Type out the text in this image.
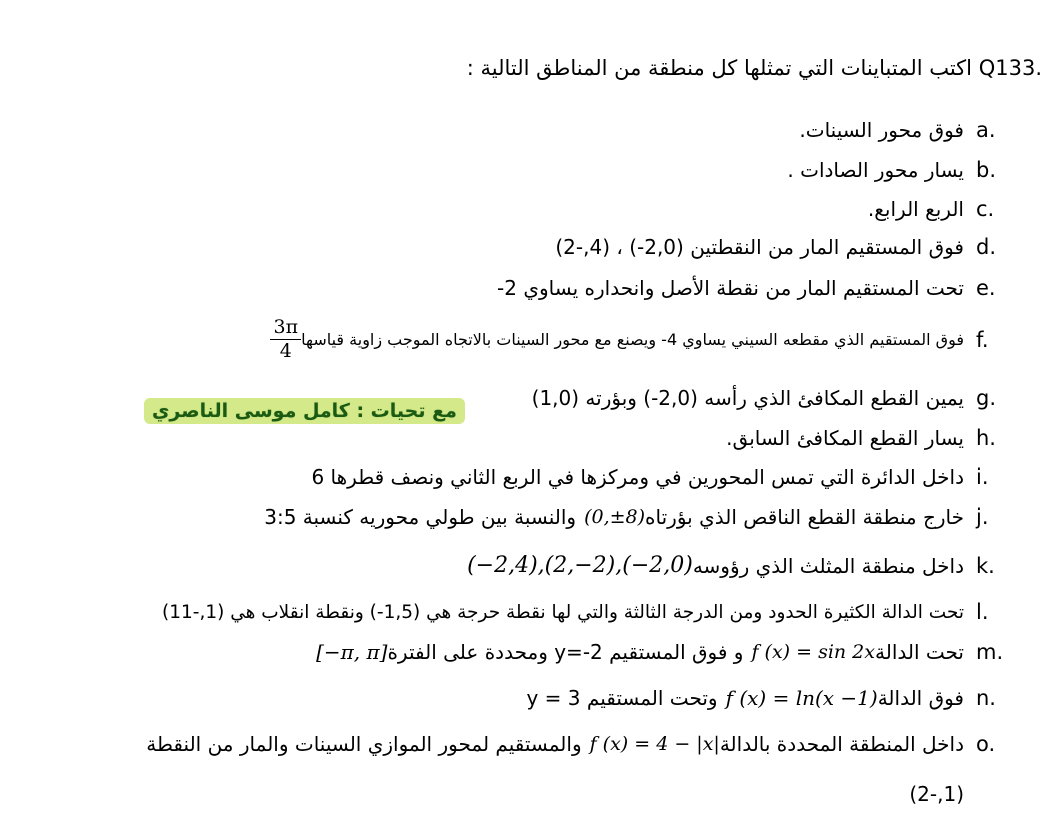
اكتب المتباينات التي تمثلها كل منطقة من المناطق التالية : Q133.
a.
فوق محور السينات.
b.
يسار محور الصادات .
c.
الربع الرابع.
d.
فوق المستقيم المار من النقطتين (2,0-) ، (4,-2)
e.
تحت المستقيم المار من نقطة الأصل وانحداره يساوي 2-
f.
فوق المستقيم الذي مقطعه السيني يساوي 4- ويصنع مع محور السينات بالاتجاه الموجب زاوية قياسها
$\frac{3\pi}{4}$
g.
يمين القطع المكافئ الذي رأسه (2,0-) وبؤرته (1,0)
مع تحيات : كامل موسى الناصري
h.
يسار القطع المكافئ السابق.
i.
داخل الدائرة التي تمس المحورين في ومركزها في الربع الثاني ونصف قطرها 6
j.
خارج منطقة القطع الناقص الذي بؤرتاه
(0,±8)
والنسبة بين طولي محوريه كنسبة 3:5
k.
داخل منطقة المثلث الذي رؤوسه
(−2,4),(2,−2),(−2,0)
l.
تحت الدالة الكثيرة الحدود ومن الدرجة الثالثة والتي لها نقطة حرجة هي (1,5-) ونقطة انقلاب هي (1,-11)
m.
تحت الدالة
f (x) = sin 2x
و فوق المستقيم y=-2 ومحددة على الفترة
[−π, π]
n.
فوق الدالة
f (x) = ln(x −1)
وتحت المستقيم y = 3
o.
داخل المنطقة المحددة بالدالة
f (x) = 4 − |x|
والمستقيم لمحور الموازي السينات والمار من النقطة
(1,-2)
